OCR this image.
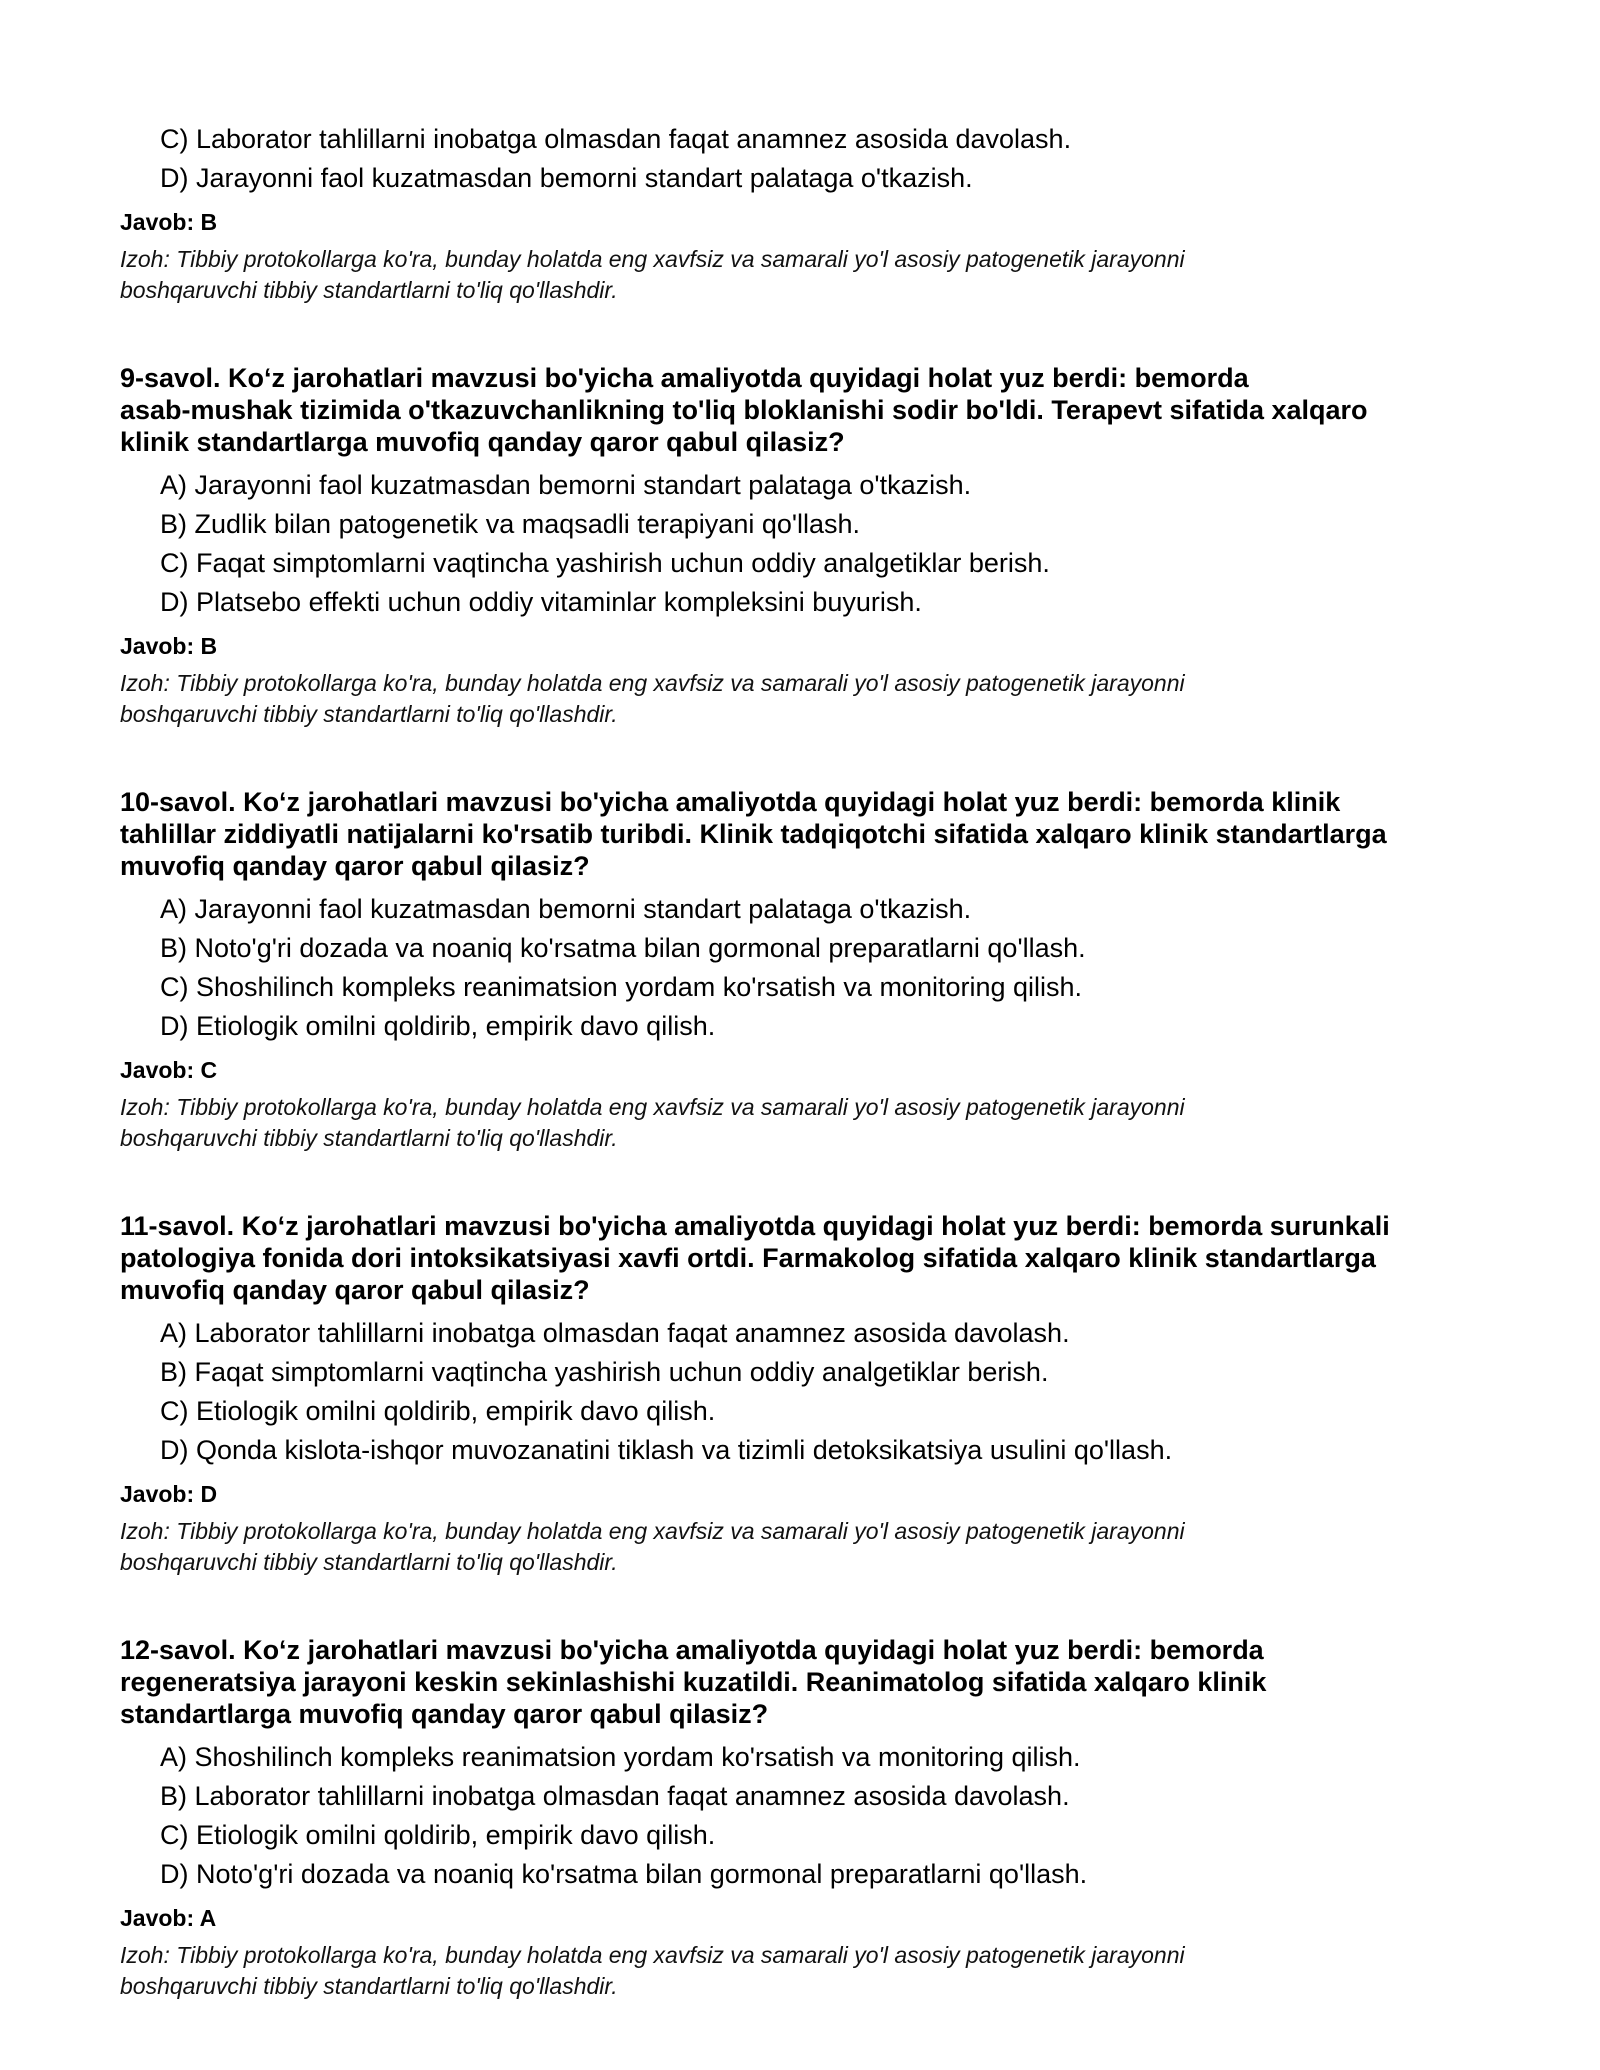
C) Laborator tahlillarni inobatga olmasdan faqat anamnez asosida davolash.
D) Jarayonni faol kuzatmasdan bemorni standart palataga o'tkazish.
Javob: B
Izoh: Tibbiy protokollarga ko'ra, bunday holatda eng xavfsiz va samarali yo'l asosiy patogenetik jarayonni
boshqaruvchi tibbiy standartlarni to'liq qo'llashdir.
9-savol. Ko‘z jarohatlari mavzusi bo'yicha amaliyotda quyidagi holat yuz berdi: bemorda
asab-mushak tizimida o'tkazuvchanlikning to'liq bloklanishi sodir bo'ldi. Terapevt sifatida xalqaro
klinik standartlarga muvofiq qanday qaror qabul qilasiz?
A) Jarayonni faol kuzatmasdan bemorni standart palataga o'tkazish.
B) Zudlik bilan patogenetik va maqsadli terapiyani qo'llash.
C) Faqat simptomlarni vaqtincha yashirish uchun oddiy analgetiklar berish.
D) Platsebo effekti uchun oddiy vitaminlar kompleksini buyurish.
Javob: B
Izoh: Tibbiy protokollarga ko'ra, bunday holatda eng xavfsiz va samarali yo'l asosiy patogenetik jarayonni
boshqaruvchi tibbiy standartlarni to'liq qo'llashdir.
10-savol. Ko‘z jarohatlari mavzusi bo'yicha amaliyotda quyidagi holat yuz berdi: bemorda klinik
tahlillar ziddiyatli natijalarni ko'rsatib turibdi. Klinik tadqiqotchi sifatida xalqaro klinik standartlarga
muvofiq qanday qaror qabul qilasiz?
A) Jarayonni faol kuzatmasdan bemorni standart palataga o'tkazish.
B) Noto'g'ri dozada va noaniq ko'rsatma bilan gormonal preparatlarni qo'llash.
C) Shoshilinch kompleks reanimatsion yordam ko'rsatish va monitoring qilish.
D) Etiologik omilni qoldirib, empirik davo qilish.
Javob: C
Izoh: Tibbiy protokollarga ko'ra, bunday holatda eng xavfsiz va samarali yo'l asosiy patogenetik jarayonni
boshqaruvchi tibbiy standartlarni to'liq qo'llashdir.
11-savol. Ko‘z jarohatlari mavzusi bo'yicha amaliyotda quyidagi holat yuz berdi: bemorda surunkali
patologiya fonida dori intoksikatsiyasi xavfi ortdi. Farmakolog sifatida xalqaro klinik standartlarga
muvofiq qanday qaror qabul qilasiz?
A) Laborator tahlillarni inobatga olmasdan faqat anamnez asosida davolash.
B) Faqat simptomlarni vaqtincha yashirish uchun oddiy analgetiklar berish.
C) Etiologik omilni qoldirib, empirik davo qilish.
D) Qonda kislota-ishqor muvozanatini tiklash va tizimli detoksikatsiya usulini qo'llash.
Javob: D
Izoh: Tibbiy protokollarga ko'ra, bunday holatda eng xavfsiz va samarali yo'l asosiy patogenetik jarayonni
boshqaruvchi tibbiy standartlarni to'liq qo'llashdir.
12-savol. Ko‘z jarohatlari mavzusi bo'yicha amaliyotda quyidagi holat yuz berdi: bemorda
regeneratsiya jarayoni keskin sekinlashishi kuzatildi. Reanimatolog sifatida xalqaro klinik
standartlarga muvofiq qanday qaror qabul qilasiz?
A) Shoshilinch kompleks reanimatsion yordam ko'rsatish va monitoring qilish.
B) Laborator tahlillarni inobatga olmasdan faqat anamnez asosida davolash.
C) Etiologik omilni qoldirib, empirik davo qilish.
D) Noto'g'ri dozada va noaniq ko'rsatma bilan gormonal preparatlarni qo'llash.
Javob: A
Izoh: Tibbiy protokollarga ko'ra, bunday holatda eng xavfsiz va samarali yo'l asosiy patogenetik jarayonni
boshqaruvchi tibbiy standartlarni to'liq qo'llashdir.
